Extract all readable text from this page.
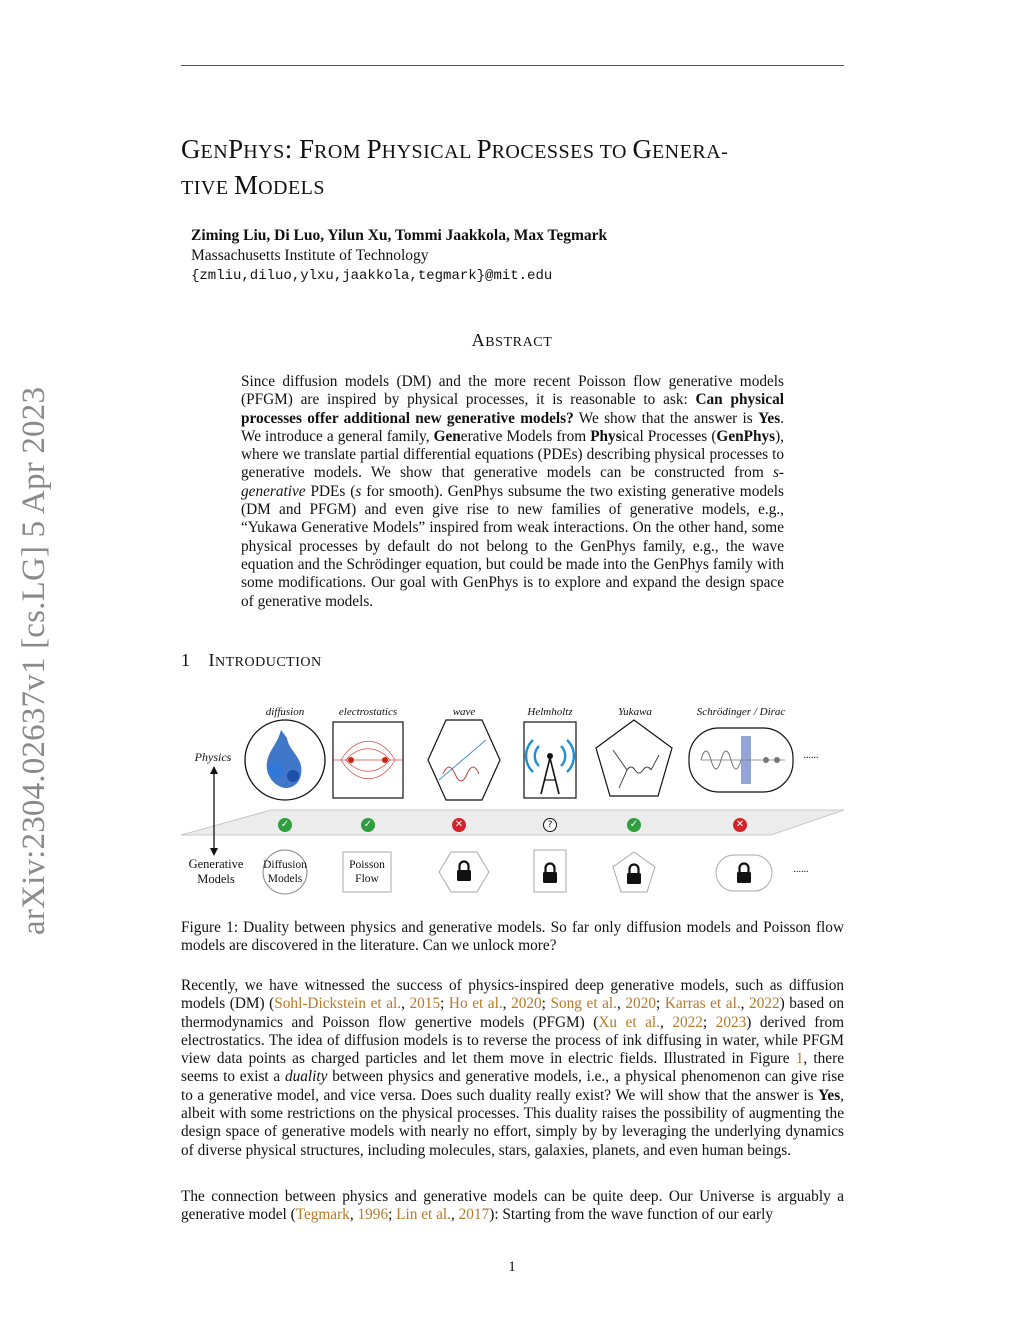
arXiv:2304.02637v1 [cs.LG] 5 Apr 2023
GENPHYS: FROM PHYSICAL PROCESSES TO GENERA-
TIVE MODELS
Ziming Liu, Di Luo, Yilun Xu, Tommi Jaakkola, Max Tegmark
Massachusetts Institute of Technology
{zmliu,diluo,ylxu,jaakkola,tegmark}@mit.edu
ABSTRACT
Since diffusion models (DM) and the more recent Poisson flow generative models (PFGM) are inspired by physical processes, it is reasonable to ask: Can physical processes offer additional new generative models? We show that the answer is Yes. We introduce a general family, Generative Models from Physical Processes (GenPhys), where we translate partial differential equations (PDEs) describing physical processes to generative models. We show that generative models can be constructed from s-generative PDEs (s for smooth). GenPhys subsume the two existing generative models (DM and PFGM) and even give rise to new families of generative models, e.g., “Yukawa Generative Models” inspired from weak interactions. On the other hand, some physical processes by default do not belong to the GenPhys family, e.g., the wave equation and the Schrödinger equation, but could be made into the GenPhys family with some modifications. Our goal with GenPhys is to explore and expand the design space of generative models.
1 INTRODUCTION
diffusion	electrostatics	wave	Helmholtz	Yukawa	Schrödinger / Dirac
Physics
Generative
Models
......
......
✓	✓	✕	?	✓	✕
Diffusion
Models
Poisson
Flow
Figure 1: Duality between physics and generative models. So far only diffusion models and Poisson flow models are discovered in the literature. Can we unlock more?
Recently, we have witnessed the success of physics-inspired deep generative models, such as diffusion models (DM) (Sohl-Dickstein et al., 2015; Ho et al., 2020; Song et al., 2020; Karras et al., 2022) based on thermodynamics and Poisson flow genertive models (PFGM) (Xu et al., 2022; 2023) derived from electrostatics. The idea of diffusion models is to reverse the process of ink diffusing in water, while PFGM view data points as charged particles and let them move in electric fields. Illustrated in Figure 1, there seems to exist a duality between physics and generative models, i.e., a physical phenomenon can give rise to a generative model, and vice versa. Does such duality really exist? We will show that the answer is Yes, albeit with some restrictions on the physical processes. This duality raises the possibility of augmenting the design space of generative models with nearly no effort, simply by by leveraging the underlying dynamics of diverse physical structures, including molecules, stars, galaxies, planets, and even human beings.
The connection between physics and generative models can be quite deep. Our Universe is arguably a generative model (Tegmark, 1996; Lin et al., 2017): Starting from the wave function of our early
1
